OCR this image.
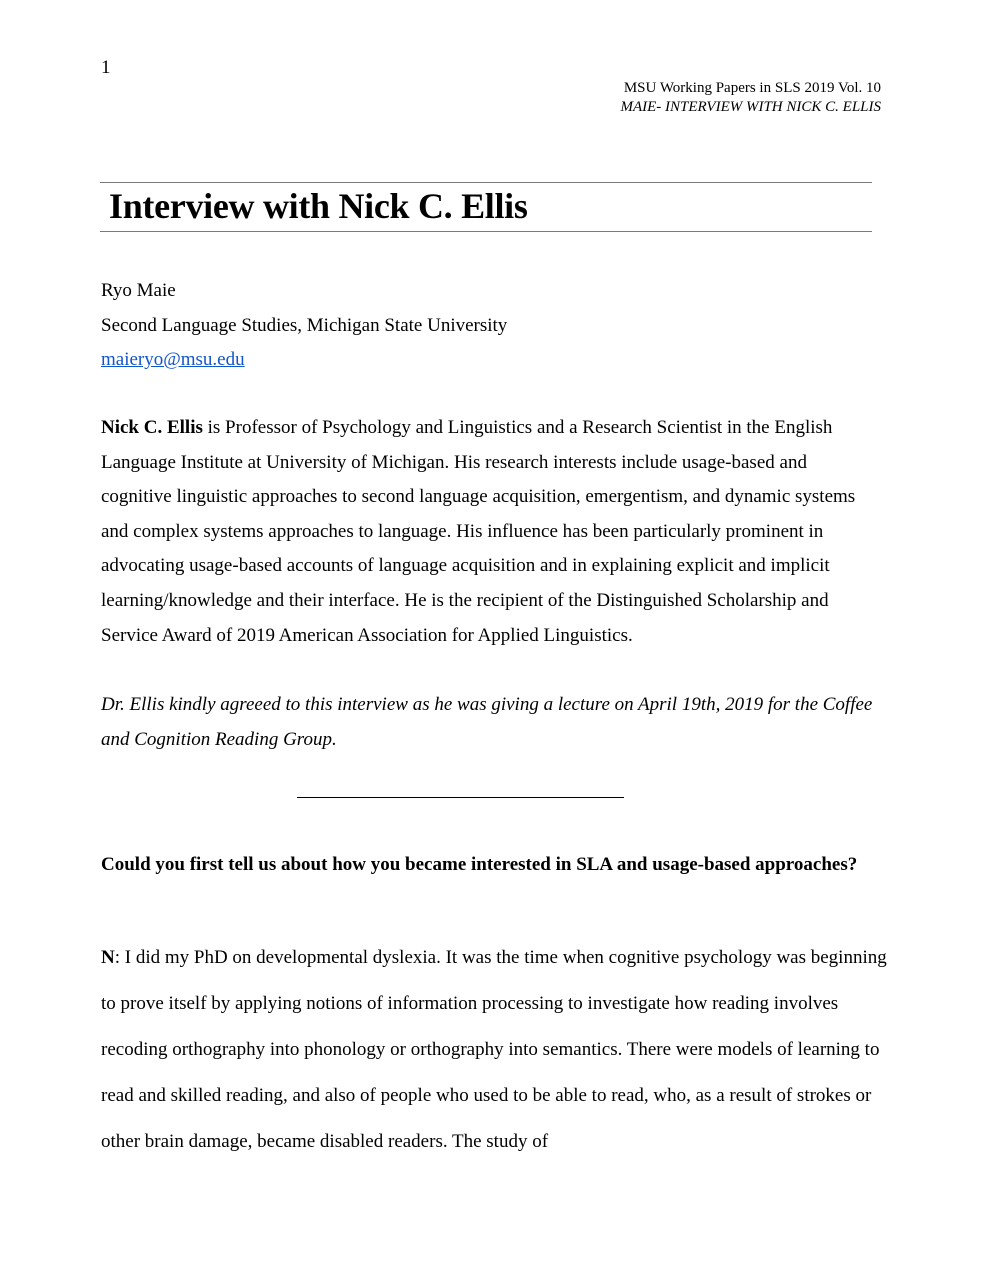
1
MSU Working Papers in SLS 2019 Vol. 10
MAIE- INTERVIEW WITH NICK C. ELLIS
Interview with Nick C. Ellis
Ryo Maie
Second Language Studies, Michigan State University
maieryo@msu.edu

Nick C. Ellis is Professor of Psychology and Linguistics and a Research Scientist in the English Language Institute at University of Michigan. His research interests include usage-based and cognitive linguistic approaches to second language acquisition, emergentism, and dynamic systems and complex systems approaches to language. His influence has been particularly prominent in advocating usage-based accounts of language acquisition and in explaining explicit and implicit learning/knowledge and their interface. He is the recipient of the Distinguished Scholarship and Service Award of 2019 American Association for Applied Linguistics.

Dr. Ellis kindly agreeed to this interview as he was giving a lecture on April 19th, 2019 for the Coffee and Cognition Reading Group.

Could you first tell us about how you became interested in SLA and usage-based approaches?

N: I did my PhD on developmental dyslexia. It was the time when cognitive psychology was beginning to prove itself by applying notions of information processing to investigate how reading involves recoding orthography into phonology or orthography into semantics. There were models of learning to read and skilled reading, and also of people who used to be able to read, who, as a result of strokes or other brain damage, became disabled readers. The study of
